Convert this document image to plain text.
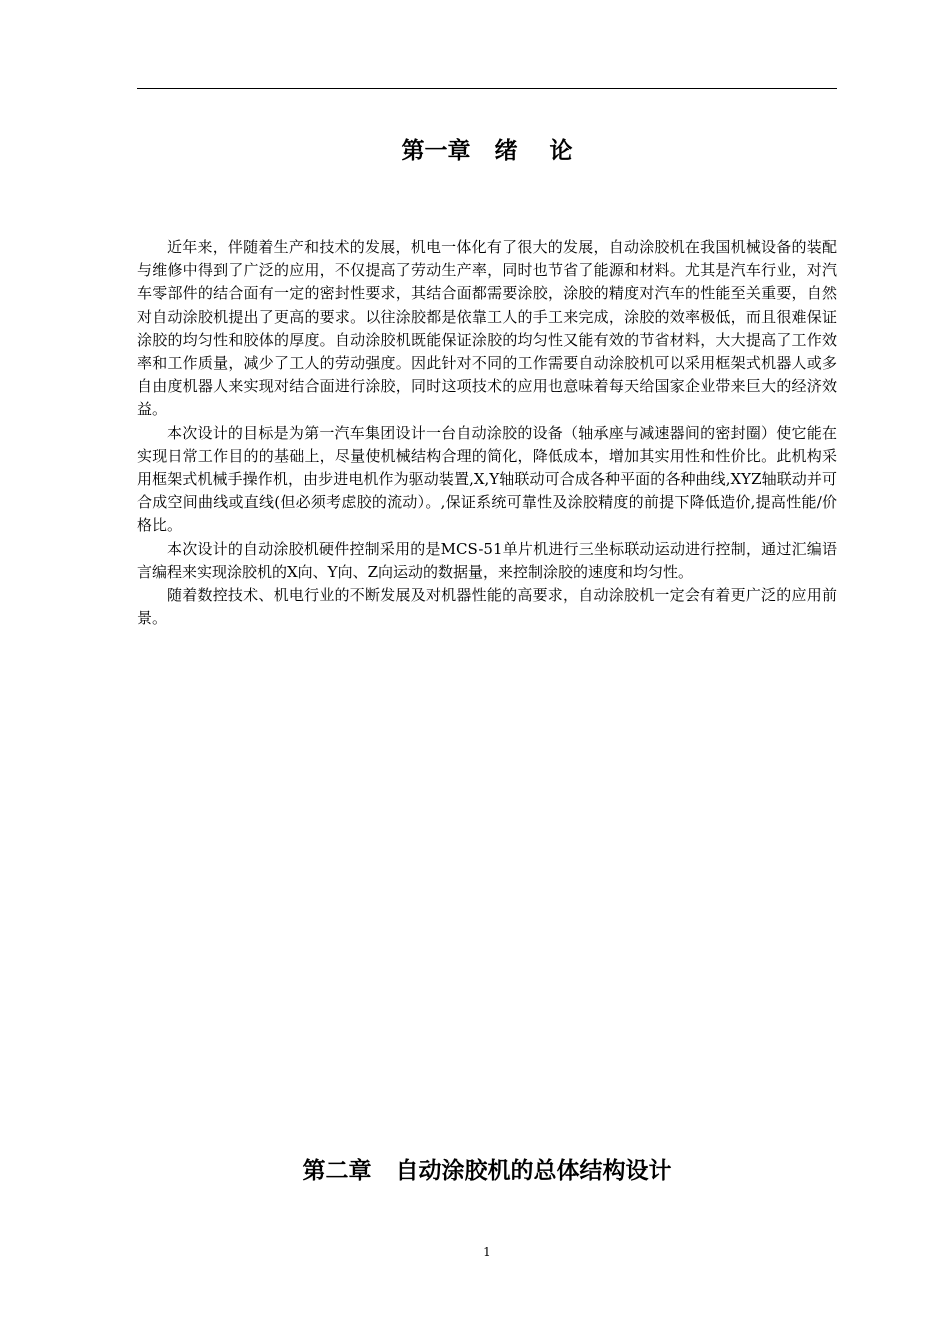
第一章   绪    论

近年来，伴随着生产和技术的发展，机电一体化有了很大的发展，自动涂胶机在我国机械设备的装配与维修中得到了广泛的应用，不仅提高了劳动生产率，同时也节省了能源和材料。尤其是汽车行业，对汽车零部件的结合面有一定的密封性要求，其结合面都需要涂胶，涂胶的精度对汽车的性能至关重要，自然对自动涂胶机提出了更高的要求。以往涂胶都是依靠工人的手工来完成，涂胶的效率极低，而且很难保证涂胶的均匀性和胶体的厚度。自动涂胶机既能保证涂胶的均匀性又能有效的节省材料，大大提高了工作效率和工作质量，减少了工人的劳动强度。因此针对不同的工作需要自动涂胶机可以采用框架式机器人或多自由度机器人来实现对结合面进行涂胶，同时这项技术的应用也意味着每天给国家企业带来巨大的经济效益。

本次设计的目标是为第一汽车集团设计一台自动涂胶的设备（轴承座与减速器间的密封圈）使它能在实现日常工作目的的基础上，尽量使机械结构合理的简化，降低成本，增加其实用性和性价比。此机构采用框架式机械手操作机，由步进电机作为驱动装置,X,Y轴联动可合成各种平面的各种曲线,XYZ轴联动并可合成空间曲线或直线(但必须考虑胶的流动）。,保证系统可靠性及涂胶精度的前提下降低造价,提高性能/价格比。

本次设计的自动涂胶机硬件控制采用的是MCS-51单片机进行三坐标联动运动进行控制，通过汇编语言编程来实现涂胶机的X向、Y向、Z向运动的数据量，来控制涂胶的速度和均匀性。

随着数控技术、机电行业的不断发展及对机器性能的高要求，自动涂胶机一定会有着更广泛的应用前景。

第二章   自动涂胶机的总体结构设计
1
